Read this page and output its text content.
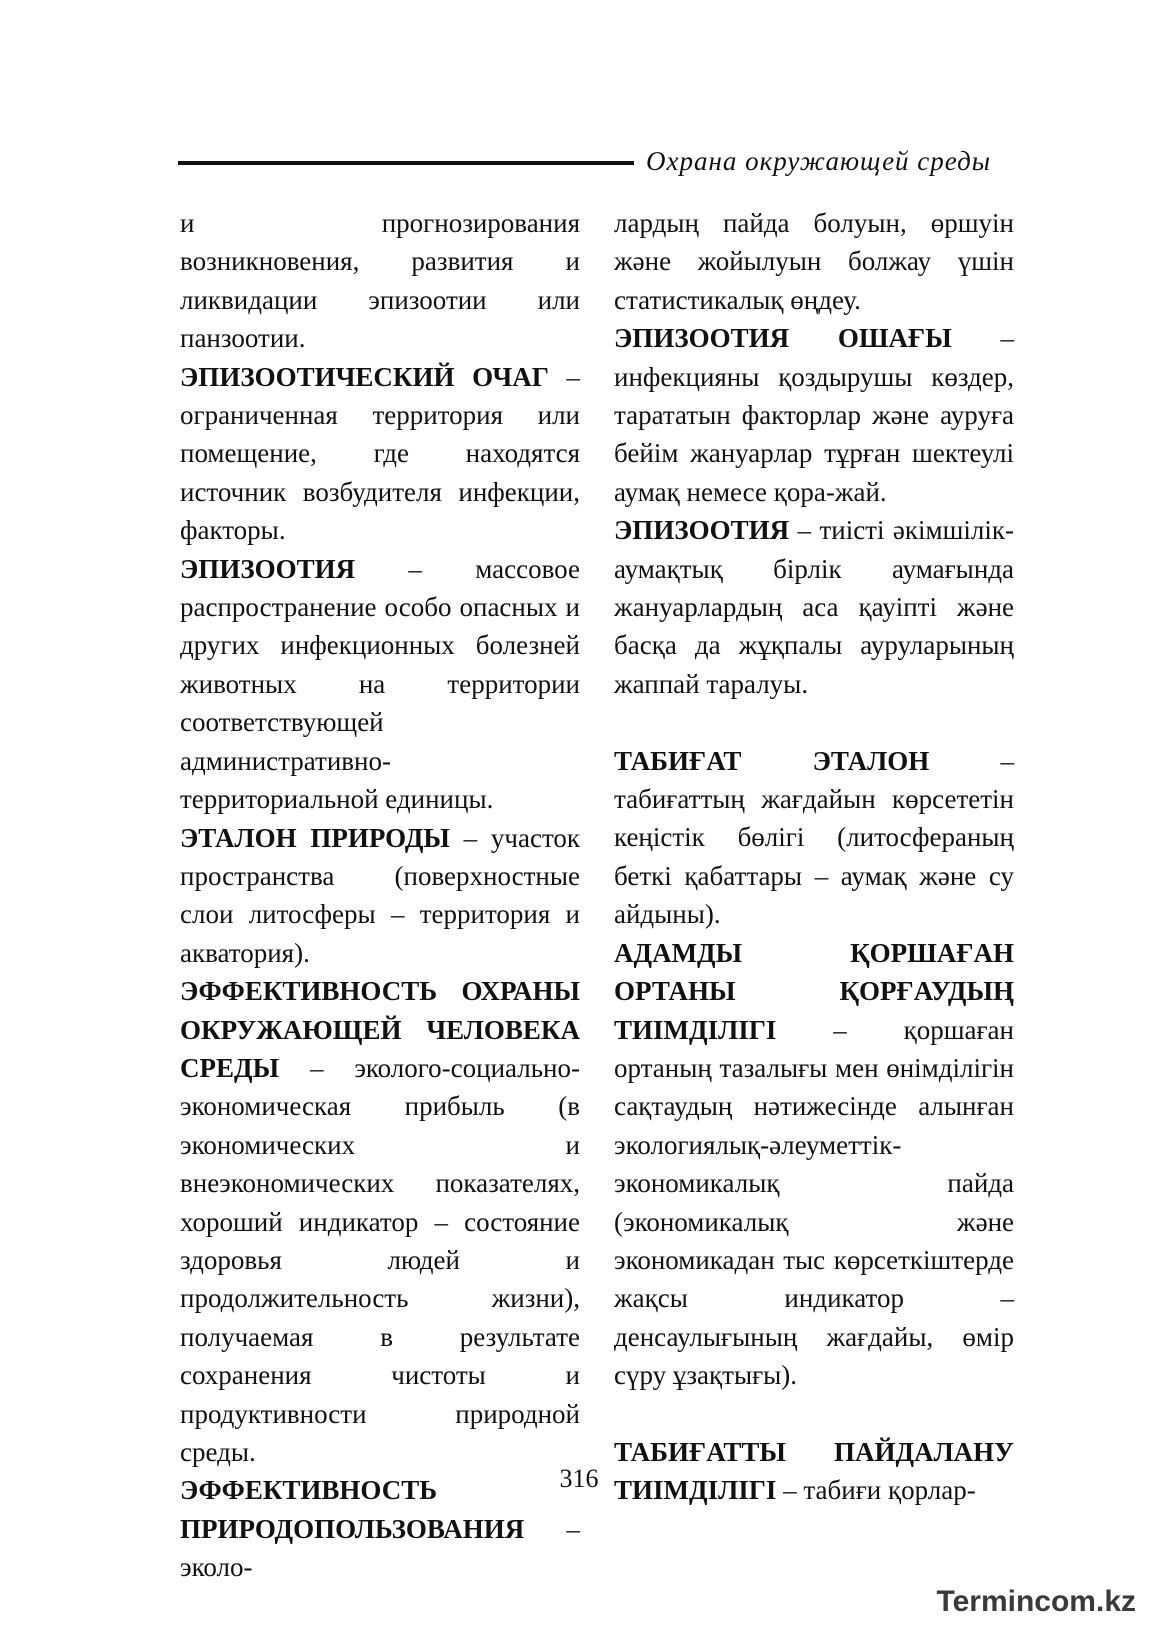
Охрана окружающей среды

и прогнозирования возникновения, развития и ликвидации эпизоотии или панзоотии.

ЭПИЗООТИЧЕСКИЙ ОЧАГ – ограниченная территория или помещение, где находятся источник возбудителя инфекции, факторы.

ЭПИЗООТИЯ – массовое распространение особо опасных и других инфекционных болезней животных на территории соответствующей административно-территориальной единицы.

ЭТАЛОН ПРИРОДЫ – участок пространства (поверхностные слои литосферы – территория и акватория).

ЭФФЕКТИВНОСТЬ ОХРАНЫ ОКРУЖАЮЩЕЙ ЧЕЛОВЕКА СРЕДЫ – эколого-социально-экономическая прибыль (в экономических и внеэкономических показателях, хороший индикатор – состояние здоровья людей и продолжительность жизни), получаемая в результате сохранения чистоты и продуктивности природной среды.

ЭФФЕКТИВНОСТЬ ПРИРОДОПОЛЬЗОВАНИЯ – эколо-

лардың пайда болуын, өршуін және жойылуын болжау үшін статистикалық өңдеу.

ЭПИЗООТИЯ ОШАҒЫ – инфекцияны қоздырушы көздер, тарататын факторлар және ауруға бейім жануарлар тұрған шектеулі аумақ немесе қора-жай.

ЭПИЗООТИЯ – тиісті әкімшілік-аумақтық бірлік аумағында жануарлардың аса қауіпті және басқа да жұқпалы ауруларының жаппай таралуы.

ТАБИҒАТ ЭТАЛОН – табиғаттың жағдайын көрсететін кеңістік бөлігі (литосфераның беткі қабаттары – аумақ және су айдыны).

АДАМДЫ ҚОРШАҒАН ОРТАНЫ ҚОРҒАУДЫҢ ТИІМДІЛІГІ – қоршаған ортаның тазалығы мен өнімділігін сақтаудың нәтижесінде алынған экологиялық-әлеуметтік-экономикалық пайда (экономикалық және экономикадан тыс көрсеткіштерде жақсы индикатор – денсаулығының жағдайы, өмір сүру ұзақтығы).

ТАБИҒАТТЫ ПАЙДАЛАНУ ТИІМДІЛІГІ – табиғи қорлар-

316
Termincom.kz
